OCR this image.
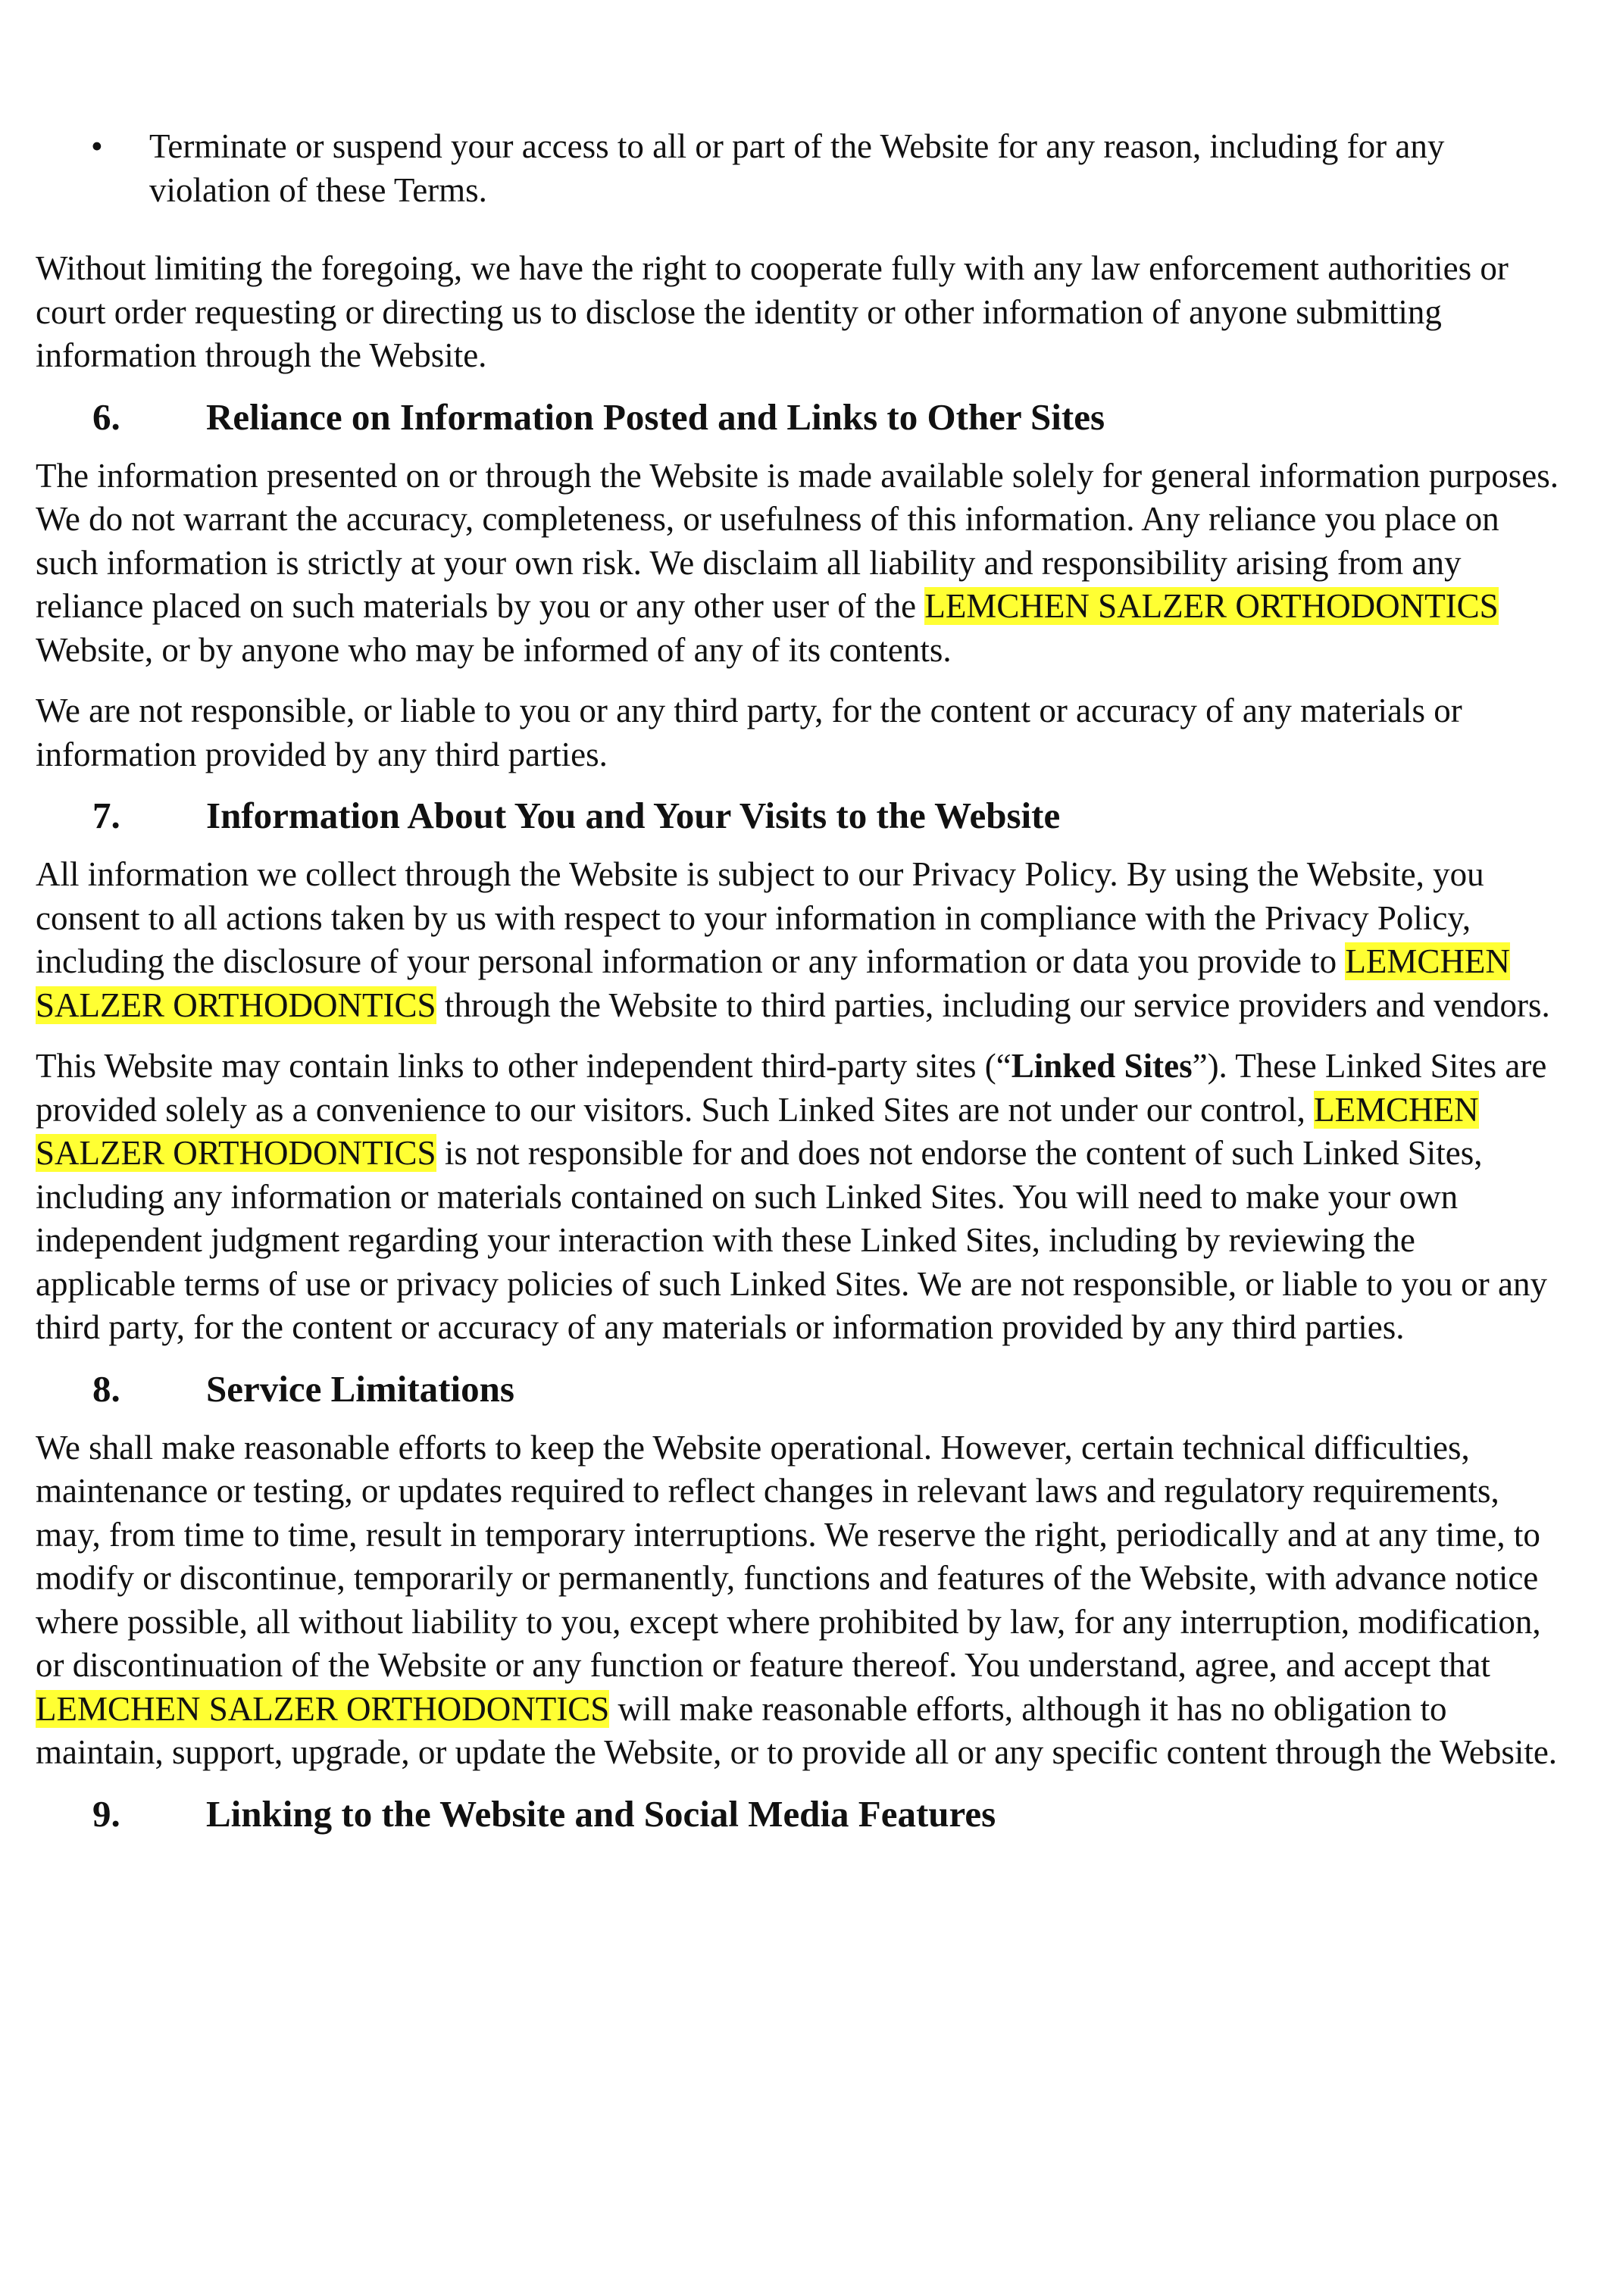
• Terminate or suspend your access to all or part of the Website for any reason, including for any violation of these Terms.

Without limiting the foregoing, we have the right to cooperate fully with any law enforcement authorities or court order requesting or directing us to disclose the identity or other information of anyone submitting information through the Website.

6. Reliance on Information Posted and Links to Other Sites

The information presented on or through the Website is made available solely for general information purposes. We do not warrant the accuracy, completeness, or usefulness of this information. Any reliance you place on such information is strictly at your own risk. We disclaim all liability and responsibility arising from any reliance placed on such materials by you or any other user of the LEMCHEN SALZER ORTHODONTICS Website, or by anyone who may be informed of any of its contents.

We are not responsible, or liable to you or any third party, for the content or accuracy of any materials or information provided by any third parties.

7. Information About You and Your Visits to the Website

All information we collect through the Website is subject to our Privacy Policy. By using the Website, you consent to all actions taken by us with respect to your information in compliance with the Privacy Policy, including the disclosure of your personal information or any information or data you provide to LEMCHEN SALZER ORTHODONTICS through the Website to third parties, including our service providers and vendors.

This Website may contain links to other independent third-party sites (“Linked Sites”). These Linked Sites are provided solely as a convenience to our visitors. Such Linked Sites are not under our control, LEMCHEN SALZER ORTHODONTICS is not responsible for and does not endorse the content of such Linked Sites, including any information or materials contained on such Linked Sites. You will need to make your own independent judgment regarding your interaction with these Linked Sites, including by reviewing the applicable terms of use or privacy policies of such Linked Sites. We are not responsible, or liable to you or any third party, for the content or accuracy of any materials or information provided by any third parties.

8. Service Limitations

We shall make reasonable efforts to keep the Website operational. However, certain technical difficulties, maintenance or testing, or updates required to reflect changes in relevant laws and regulatory requirements, may, from time to time, result in temporary interruptions. We reserve the right, periodically and at any time, to modify or discontinue, temporarily or permanently, functions and features of the Website, with advance notice where possible, all without liability to you, except where prohibited by law, for any interruption, modification, or discontinuation of the Website or any function or feature thereof. You understand, agree, and accept that LEMCHEN SALZER ORTHODONTICS will make reasonable efforts, although it has no obligation to maintain, support, upgrade, or update the Website, or to provide all or any specific content through the Website.

9. Linking to the Website and Social Media Features
